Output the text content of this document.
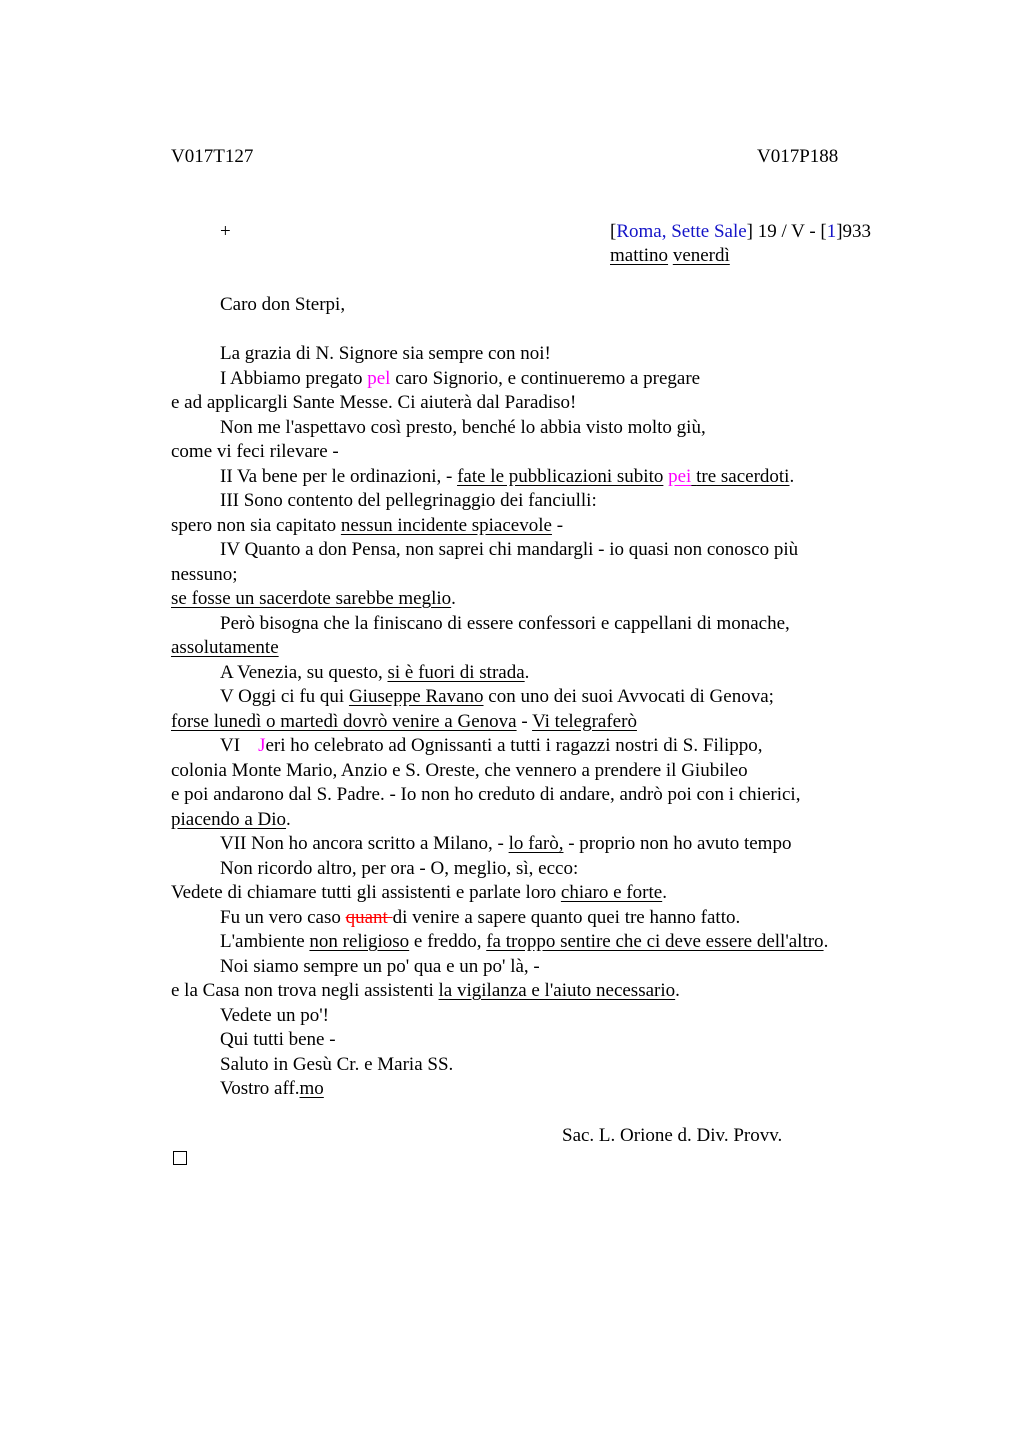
V017T127	V017P188
+	[Roma, Sette Sale] 19 / V - [1]933
mattino venerdì
Caro don Sterpi,
La grazia di N. Signore sia sempre con noi!
I Abbiamo pregato pel caro Signorio, e continueremo a pregare
e ad applicargli Sante Messe. Ci aiuterà dal Paradiso!
Non me l'aspettavo così presto, benché lo abbia visto molto giù,
come vi feci rilevare -
II Va bene per le ordinazioni, - fate le pubblicazioni subito pei tre sacerdoti.
III Sono contento del pellegrinaggio dei fanciulli:
spero non sia capitato nessun incidente spiacevole -
IV Quanto a don Pensa, non saprei chi mandargli - io quasi non conosco più
nessuno;
se fosse un sacerdote sarebbe meglio.
Però bisogna che la finiscano di essere confessori e cappellani di monache,
assolutamente
A Venezia, su questo, si è fuori di strada.
V Oggi ci fu qui Giuseppe Ravano con uno dei suoi Avvocati di Genova;
forse lunedì o martedì dovrò venire a Genova - Vi telegraferò
VI Jeri ho celebrato ad Ognissanti a tutti i ragazzi nostri di S. Filippo,
colonia Monte Mario, Anzio e S. Oreste, che vennero a prendere il Giubileo
e poi andarono dal S. Padre. - Io non ho creduto di andare, andrò poi con i chierici,
piacendo a Dio.
VII Non ho ancora scritto a Milano, - lo farò, - proprio non ho avuto tempo
Non ricordo altro, per ora - O, meglio, sì, ecco:
Vedete di chiamare tutti gli assistenti e parlate loro chiaro e forte.
Fu un vero caso quant di venire a sapere quanto quei tre hanno fatto.
L'ambiente non religioso e freddo, fa troppo sentire che ci deve essere dell'altro.
Noi siamo sempre un po' qua e un po' là, -
e la Casa non trova negli assistenti la vigilanza e l'aiuto necessario.
Vedete un po'!
Qui tutti bene -
Saluto in Gesù Cr. e Maria SS.
Vostro aff.mo
Sac. L. Orione d. Div. Provv.
